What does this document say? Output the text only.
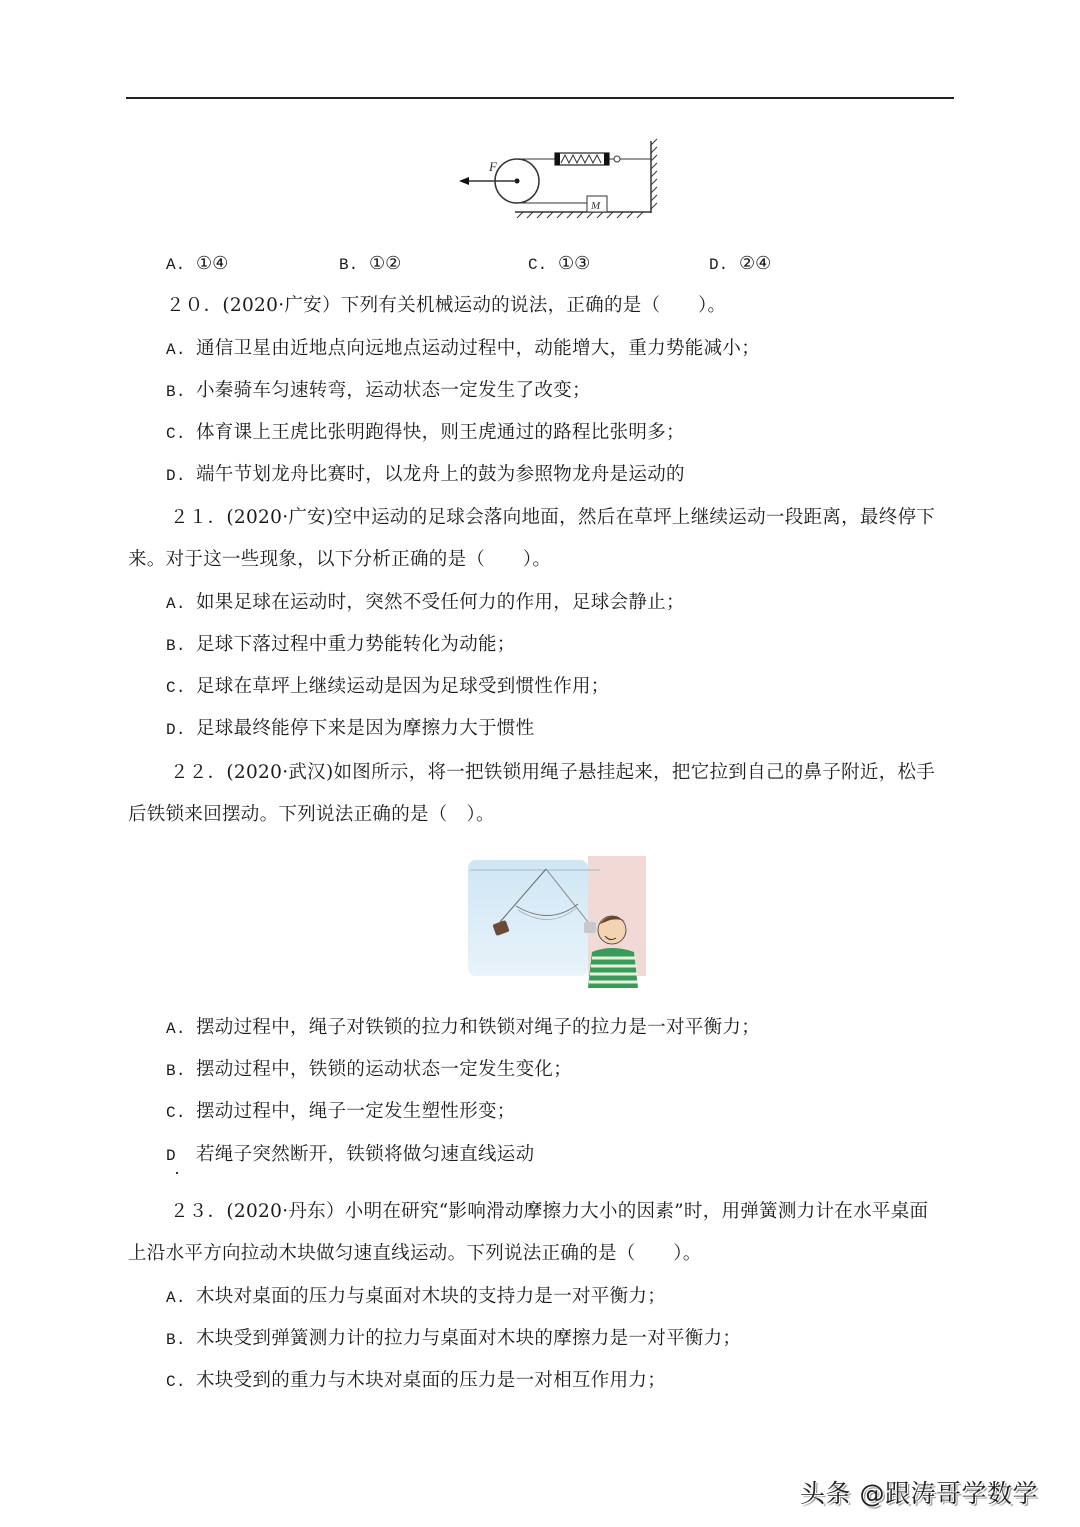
F
M
A. ①④	B. ①②	C. ①③	D. ②④
２０．(2020·广安）下列有关机械运动的说法，正确的是（　　）。
A. 通信卫星由近地点向远地点运动过程中，动能增大，重力势能减小；
B. 小秦骑车匀速转弯，运动状态一定发生了改变；
C. 体育课上王虎比张明跑得快，则王虎通过的路程比张明多；
D. 端午节划龙舟比赛时，以龙舟上的鼓为参照物龙舟是运动的
２１．(2020·广安)空中运动的足球会落向地面，然后在草坪上继续运动一段距离，最终停下
来。对于这一些现象，以下分析正确的是（　　）。
A. 如果足球在运动时，突然不受任何力的作用，足球会静止；
B. 足球下落过程中重力势能转化为动能；
C. 足球在草坪上继续运动是因为足球受到惯性作用；
D. 足球最终能停下来是因为摩擦力大于惯性
２２．(2020·武汉)如图所示，将一把铁锁用绳子悬挂起来，把它拉到自己的鼻子附近，松手
后铁锁来回摆动。下列说法正确的是（　）。
A. 摆动过程中，绳子对铁锁的拉力和铁锁对绳子的拉力是一对平衡力；
B. 摆动过程中，铁锁的运动状态一定发生变化；
C. 摆动过程中，绳子一定发生塑性形变；
D 若绳子突然断开，铁锁将做匀速直线运动
２３．(2020·丹东）小明在研究“影响滑动摩擦力大小的因素”时，用弹簧测力计在水平桌面
上沿水平方向拉动木块做匀速直线运动。下列说法正确的是（　　）。
A. 木块对桌面的压力与桌面对木块的支持力是一对平衡力；
B. 木块受到弹簧测力计的拉力与桌面对木块的摩擦力是一对平衡力；
C. 木块受到的重力与木块对桌面的压力是一对相互作用力；
头条 @跟涛哥学数学
